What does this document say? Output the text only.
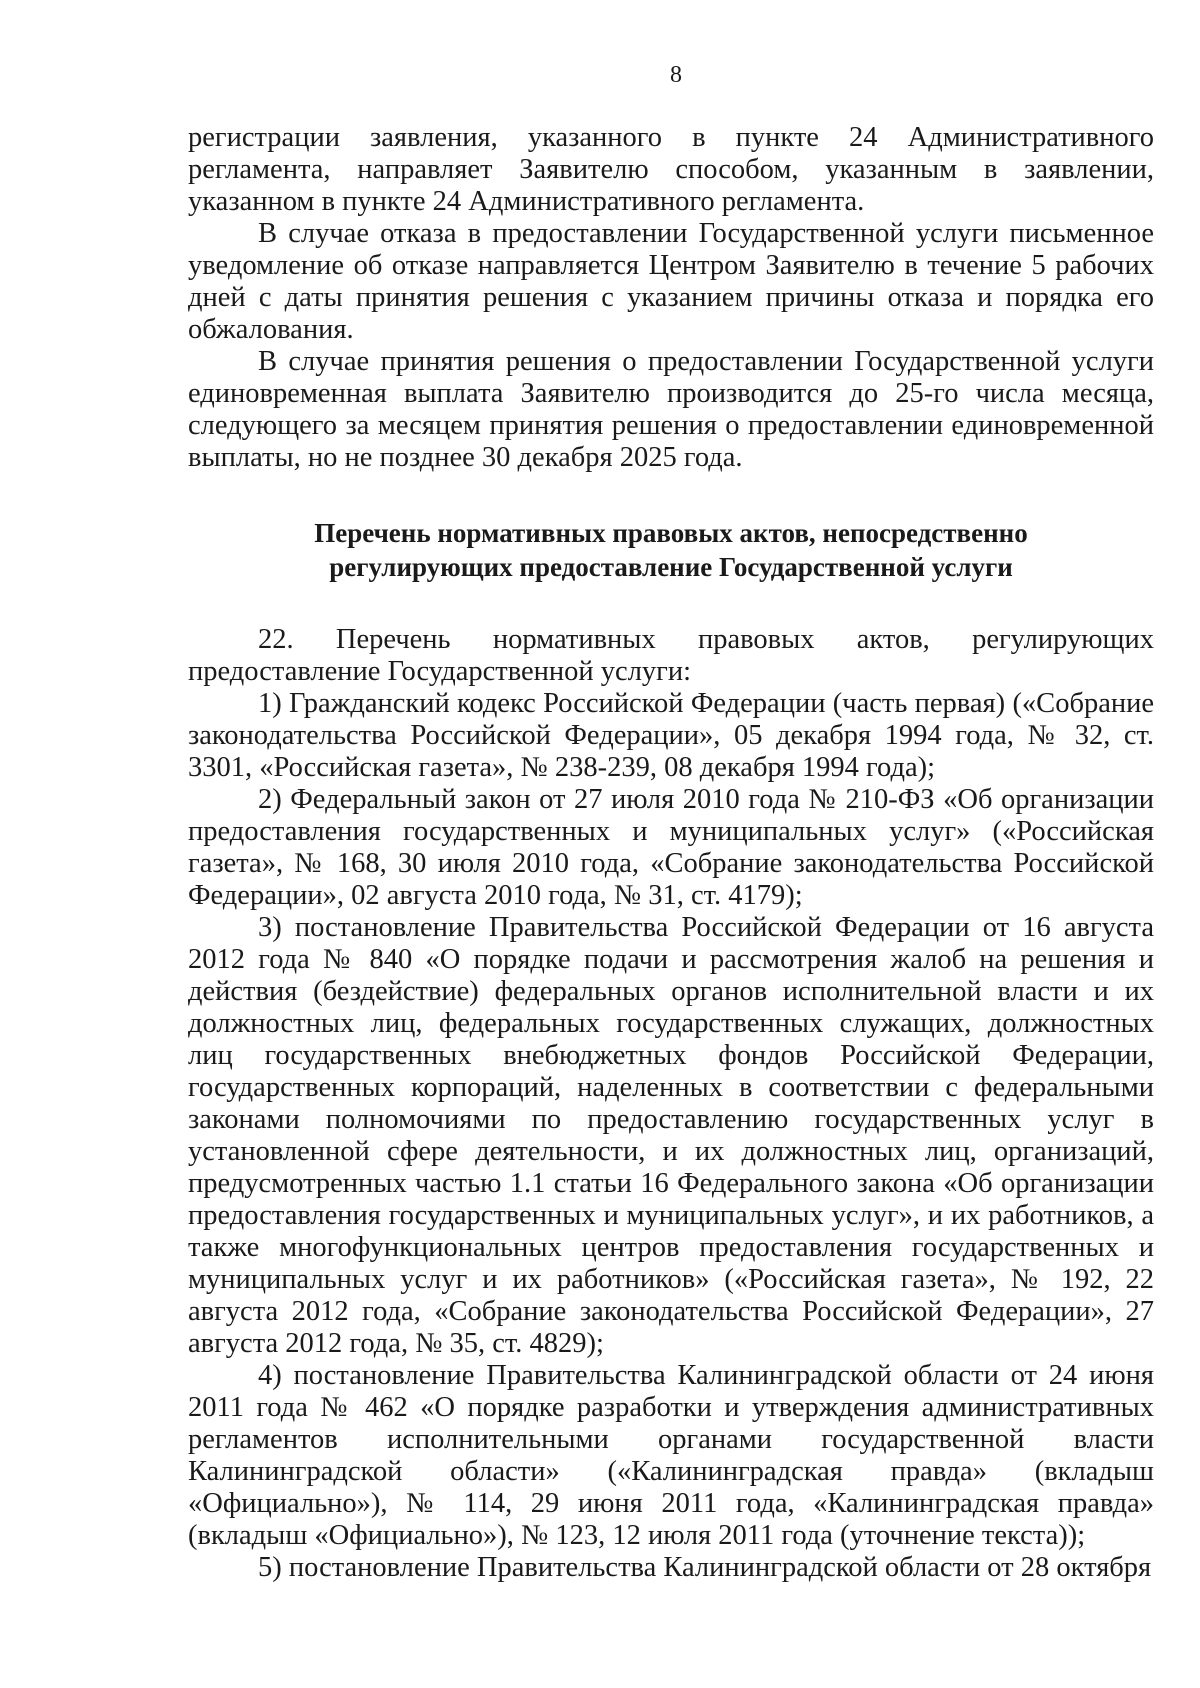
8

регистрации заявления, указанного в пункте 24 Административного регламента, направляет Заявителю способом, указанным в заявлении, указанном в пункте 24 Административного регламента.

В случае отказа в предоставлении Государственной услуги письменное уведомление об отказе направляется Центром Заявителю в течение 5 рабочих дней с даты принятия решения с указанием причины отказа и порядка его обжалования.

В случае принятия решения о предоставлении Государственной услуги единовременная выплата Заявителю производится до 25-го числа месяца, следующего за месяцем принятия решения о предоставлении единовременной выплаты, но не позднее 30 декабря 2025 года.

Перечень нормативных правовых актов, непосредственно
регулирующих предоставление Государственной услуги

22. Перечень нормативных правовых актов, регулирующих предоставление Государственной услуги:

1) Гражданский кодекс Российской Федерации (часть первая) («Собрание законодательства Российской Федерации», 05 декабря 1994 года, № 32, ст. 3301, «Российская газета», № 238-239, 08 декабря 1994 года);

2) Федеральный закон от 27 июля 2010 года № 210-ФЗ «Об организации предоставления государственных и муниципальных услуг» («Российская газета», № 168, 30 июля 2010 года, «Собрание законодательства Российской Федерации», 02 августа 2010 года, № 31, ст. 4179);

3) постановление Правительства Российской Федерации от 16 августа 2012 года № 840 «О порядке подачи и рассмотрения жалоб на решения и действия (бездействие) федеральных органов исполнительной власти и их должностных лиц, федеральных государственных служащих, должностных лиц государственных внебюджетных фондов Российской Федерации, государственных корпораций, наделенных в соответствии с федеральными законами полномочиями по предоставлению государственных услуг в установленной сфере деятельности, и их должностных лиц, организаций, предусмотренных частью 1.1 статьи 16 Федерального закона «Об организации предоставления государственных и муниципальных услуг», и их работников, а также многофункциональных центров предоставления государственных и муниципальных услуг и их работников» («Российская газета», № 192, 22 августа 2012 года, «Собрание законодательства Российской Федерации», 27 августа 2012 года, № 35, ст. 4829);

4) постановление Правительства Калининградской области от 24 июня 2011 года № 462 «О порядке разработки и утверждения административных регламентов исполнительными органами государственной власти Калининградской области» («Калининградская правда» (вкладыш «Официально»), № 114, 29 июня 2011 года, «Калининградская правда» (вкладыш «Официально»), № 123, 12 июля 2011 года (уточнение текста));

5) постановление Правительства Калининградской области от 28 октября
